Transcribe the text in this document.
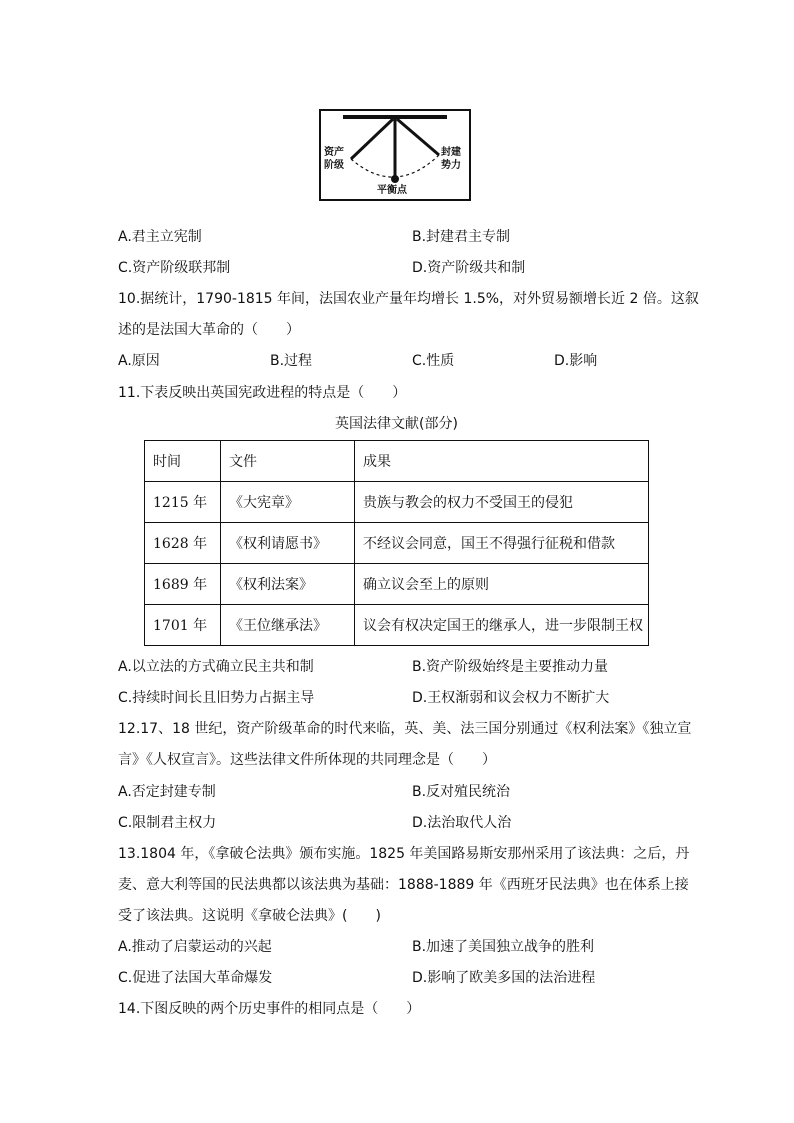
资产
阶级
封建
势力
平衡点
A.君主立宪制	B.封建君主专制
C.资产阶级联邦制	D.资产阶级共和制
10.据统计，1790-1815 年间，法国农业产量年均增长 1.5%，对外贸易额增长近 2 倍。这叙
述的是法国大革命的（　　）
A.原因	B.过程	C.性质	D.影响
11.下表反映出英国宪政进程的特点是（　　）
英国法律文献(部分)
时间	文件	成果
1215 年	《大宪章》	贵族与教会的权力不受国王的侵犯
1628 年	《权利请愿书》	不经议会同意，国王不得强行征税和借款
1689 年	《权利法案》	确立议会至上的原则
1701 年	《王位继承法》	议会有权决定国王的继承人，进一步限制王权
A.以立法的方式确立民主共和制	B.资产阶级始终是主要推动力量
C.持续时间长且旧势力占据主导	D.王权渐弱和议会权力不断扩大
12.17、18 世纪，资产阶级革命的时代来临，英、美、法三国分别通过《权利法案》《独立宣
言》《人权宣言》。这些法律文件所体现的共同理念是（　　）
A.否定封建专制	B.反对殖民统治
C.限制君主权力	D.法治取代人治
13.1804 年，《拿破仑法典》颁布实施。1825 年美国路易斯安那州采用了该法典：之后，丹
麦、意大利等国的民法典都以该法典为基础：1888-1889 年《西班牙民法典》也在体系上接
受了该法典。这说明《拿破仑法典》(　　)
A.推动了启蒙运动的兴起	B.加速了美国独立战争的胜利
C.促进了法国大革命爆发	D.影响了欧美多国的法治进程
14.下图反映的两个历史事件的相同点是（　　）
